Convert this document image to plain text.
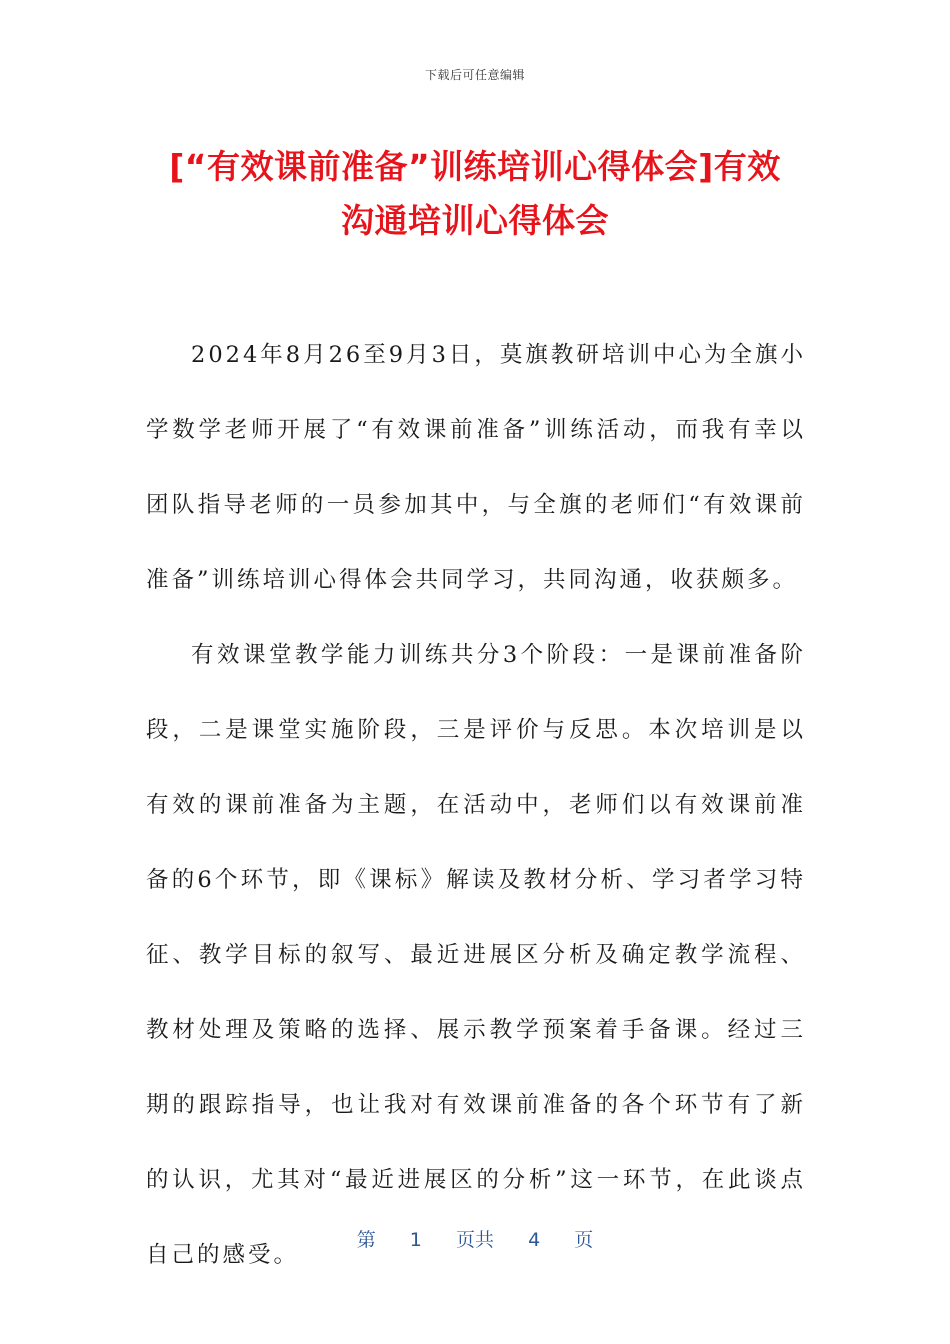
下载后可任意编辑
[“有效课前准备”训练培训心得体会]有效
沟通培训心得体会

2024年8月26至9月3日，莫旗教研培训中心为全旗小学数学老师开展了“有效课前准备”训练活动，而我有幸以团队指导老师的一员参加其中，与全旗的老师们“有效课前准备”训练培训心得体会共同学习，共同沟通，收获颇多。

有效课堂教学能力训练共分3个阶段：一是课前准备阶段，二是课堂实施阶段，三是评价与反思。本次培训是以有效的课前准备为主题，在活动中，老师们以有效课前准备的6个环节，即《课标》解读及教材分析、学习者学习特征、教学目标的叙写、最近进展区分析及确定教学流程、教材处理及策略的选择、展示教学预案着手备课。经过三期的跟踪指导，也让我对有效课前准备的各个环节有了新的认识，尤其对“最近进展区的分析”这一环节，在此谈点自己的感受。

第 1 页共 4 页
